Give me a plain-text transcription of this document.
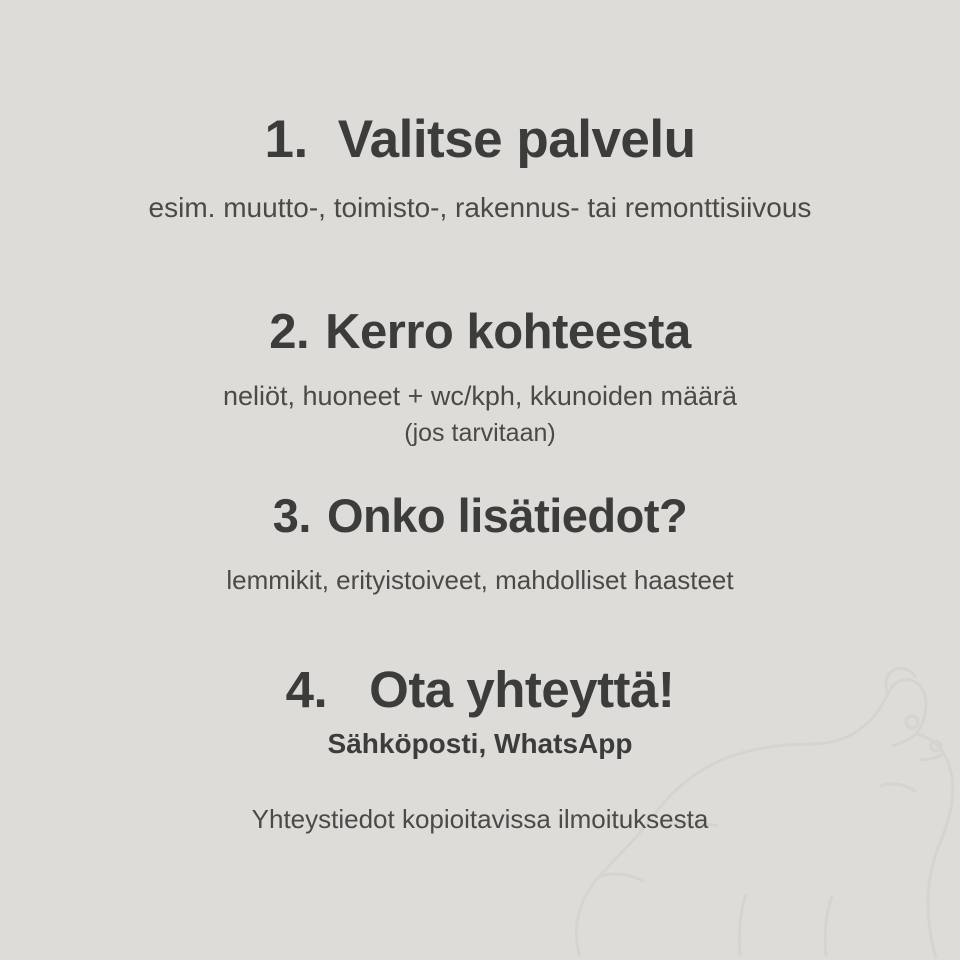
1. Valitse palvelu
esim. muutto-, toimisto-, rakennus- tai remonttisiivous
2. Kerro kohteesta
neliöt, huoneet + wc/kph, kkunoiden määrä
(jos tarvitaan)
3. Onko lisätiedot?
lemmikit, erityistoiveet, mahdolliset haasteet
4. Ota yhteyttä!
Sähköposti, WhatsApp
Yhteystiedot kopioitavissa ilmoituksesta
